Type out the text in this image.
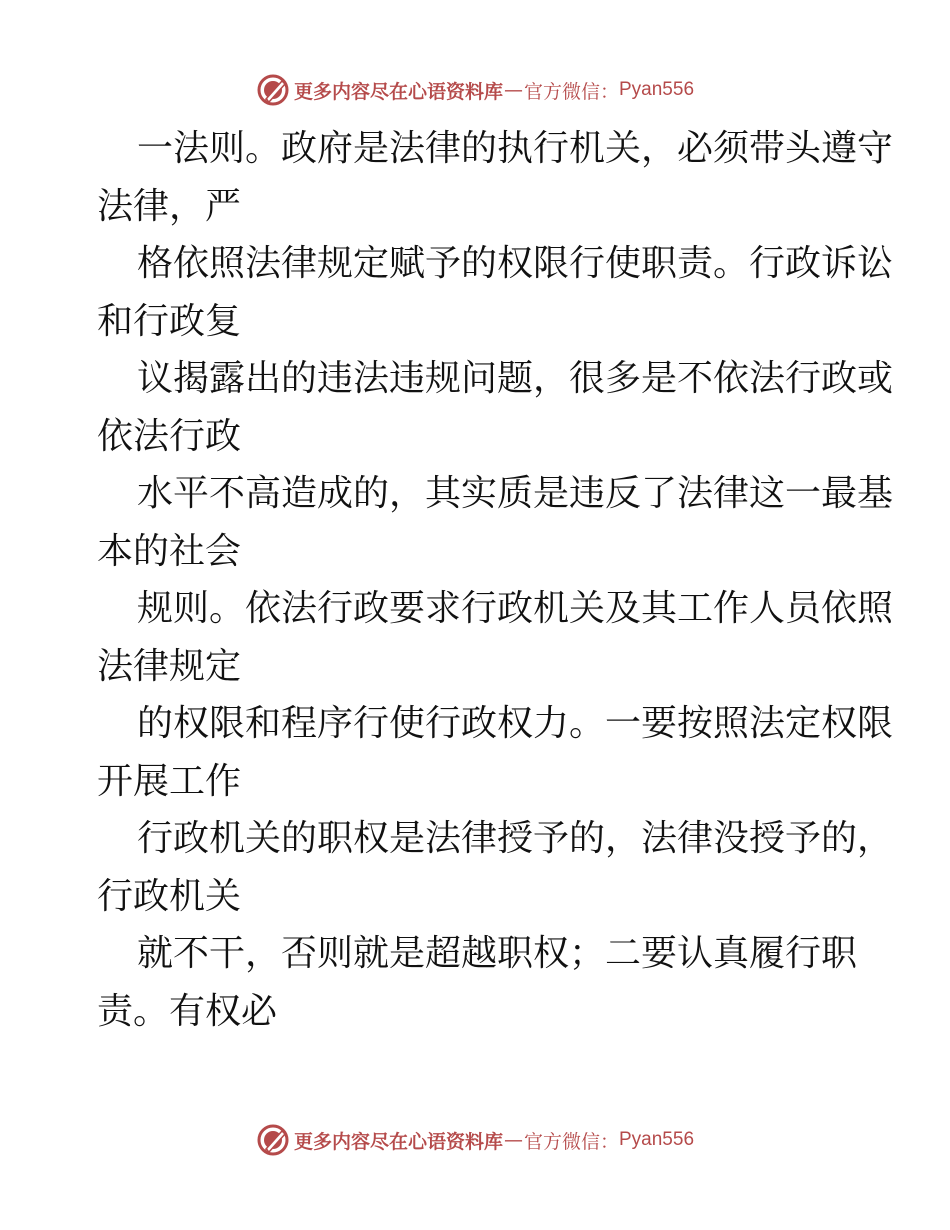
更多内容尽在心语资料库 — 官方微信： Pyan556
一法则。政府是法律的执行机关，必须带头遵守
法律，严
格依照法律规定赋予的权限行使职责。行政诉讼
和行政复
议揭露出的违法违规问题，很多是不依法行政或
依法行政
水平不高造成的，其实质是违反了法律这一最基
本的社会
规则。依法行政要求行政机关及其工作人员依照
法律规定
的权限和程序行使行政权力。一要按照法定权限
开展工作
行政机关的职权是法律授予的，法律没授予的，
行政机关
就不干，否则就是超越职权；二要认真履行职
责。有权必
更多内容尽在心语资料库 — 官方微信： Pyan556
